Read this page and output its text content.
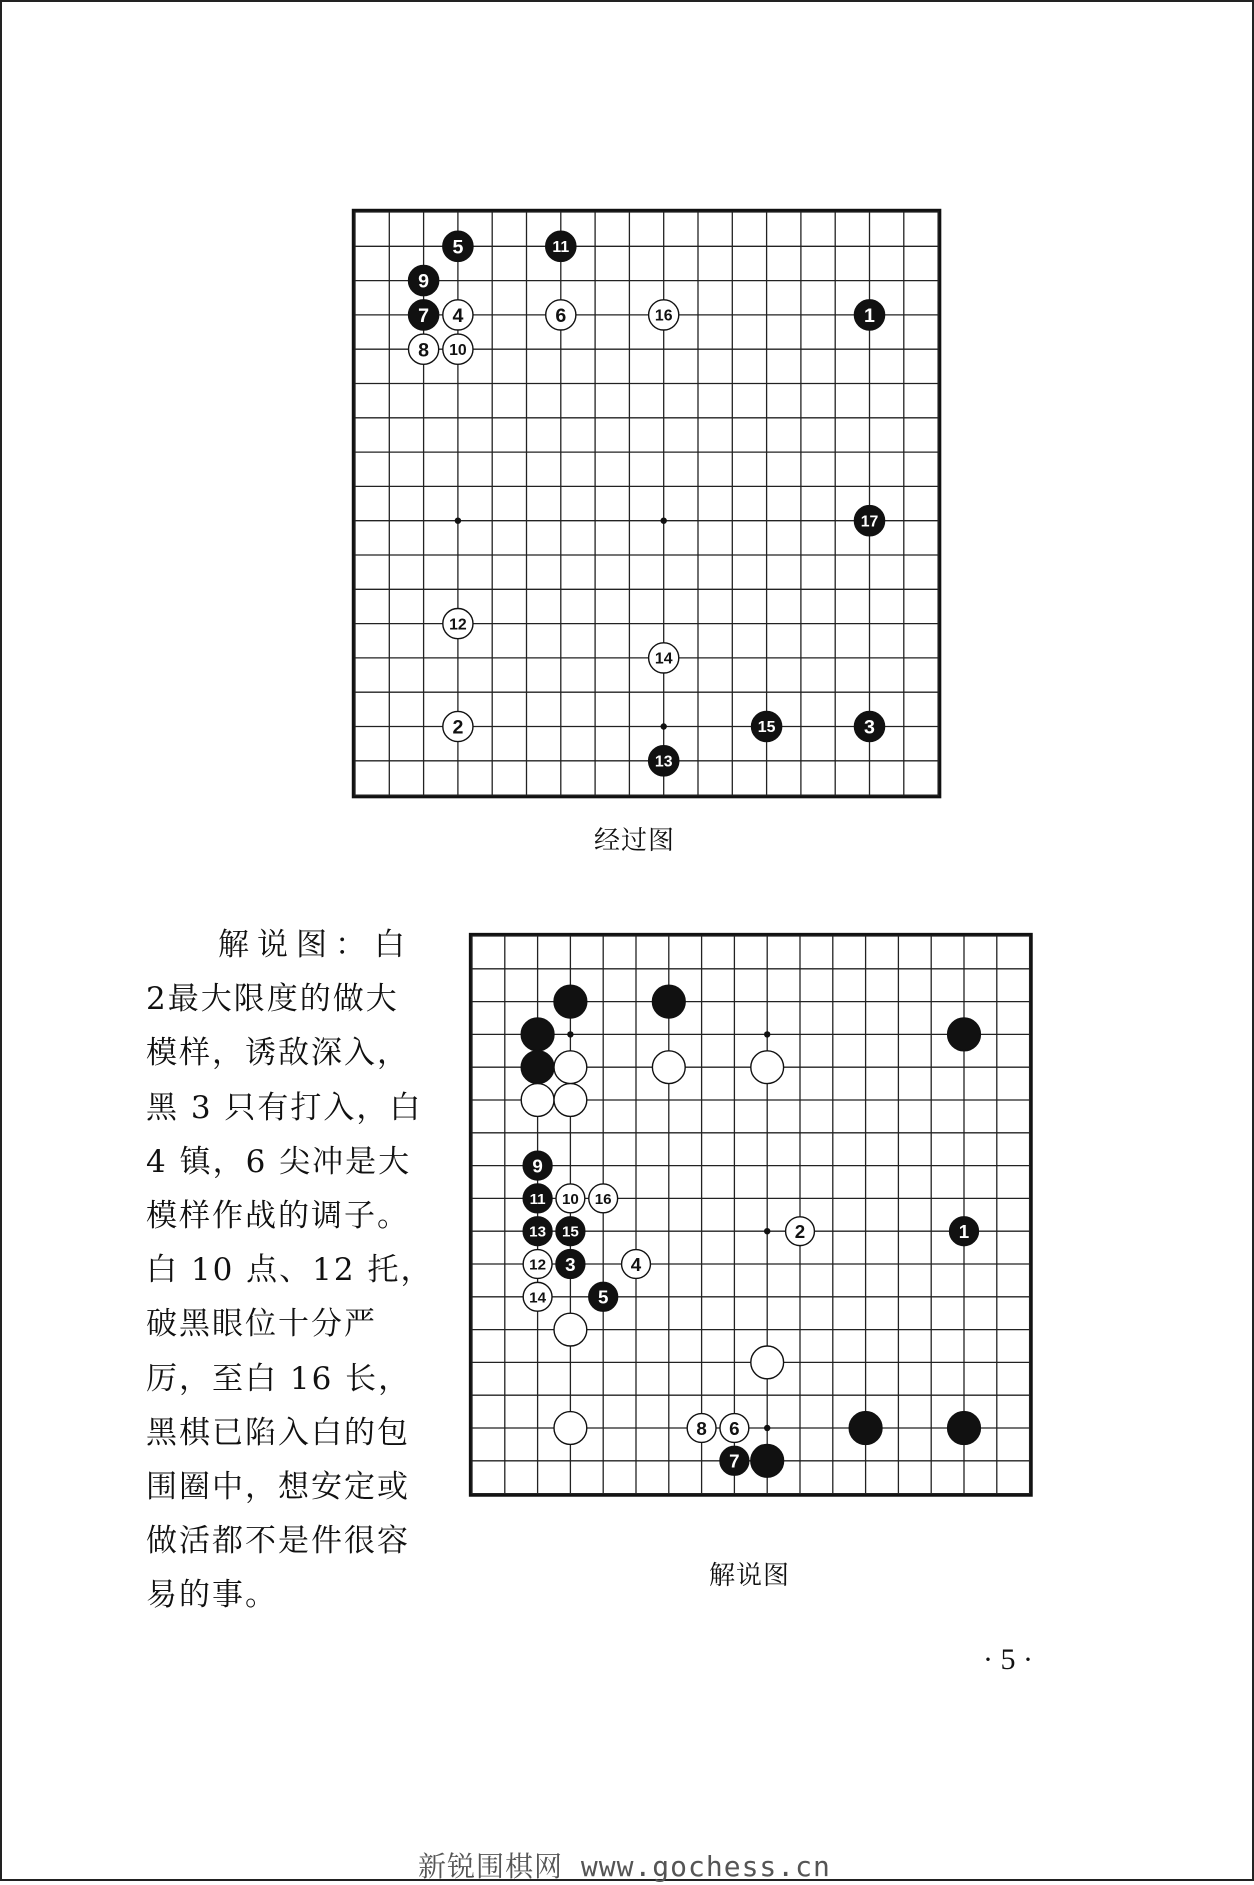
5	11
9
1
7 4	6	16
8 10
17
12
14
2	15	3
13
经过图
解说图：白
2最大限度的做大
模样，诱敌深入，
黑 3 只有打入，白
4 镇，6 尖冲是大
模样作战的调子。
白 10 点、12 托，
破黑眼位十分严
厉，至白 16 长，
黑棋已陷入白的包
围圈中，想安定或
做活都不是件很容
易的事。
9
11 10 16
13 15	2	1
12 3	4
14	5
8 6
7
解说图
· 5 ·
新锐围棋网 www.gochess.cn
